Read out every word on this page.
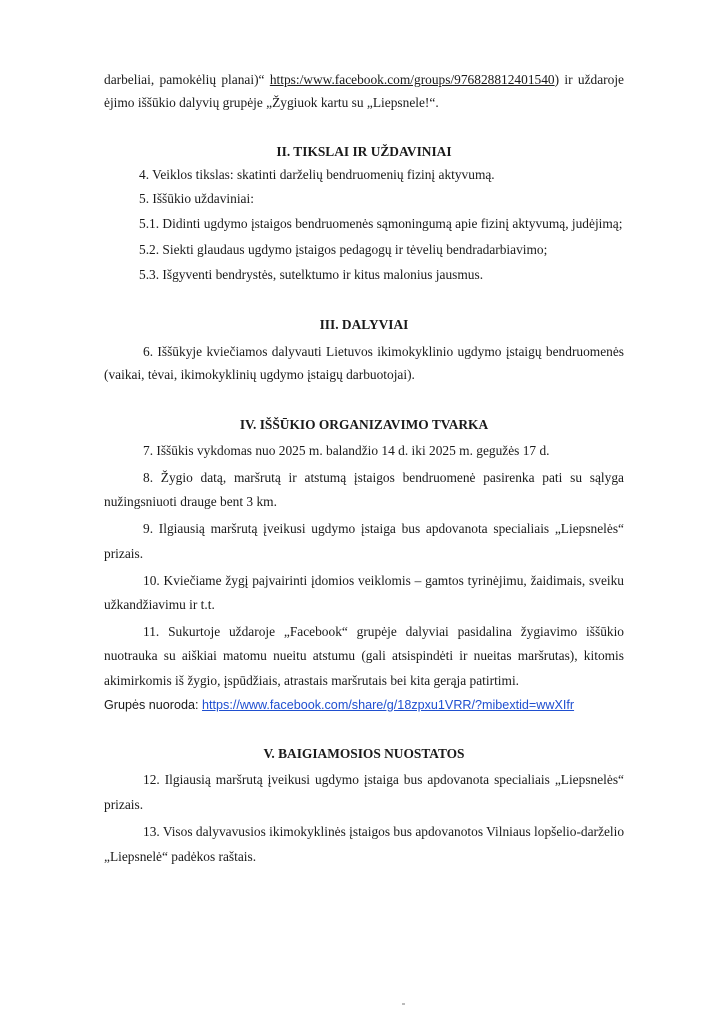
darbeliai, pamokėlių planai)“ https:/www.facebook.com/groups/976828812401540) ir uždaroje
ėjimo iššūkio dalyvių grupėje „Žygiuok kartu su „Liepsnele!“.
II. TIKSLAI IR UŽDAVINIAI
4. Veiklos tikslas: skatinti darželių bendruomenių fizinį aktyvumą.
5. Iššūkio uždaviniai:
5.1. Didinti ugdymo įstaigos bendruomenės sąmoningumą apie fizinį aktyvumą, judėjimą;
5.2. Siekti glaudaus ugdymo įstaigos pedagogų ir tėvelių bendradarbiavimo;
5.3. Išgyventi bendrystės, sutelktumo ir kitus malonius jausmus.
III. DALYVIAI
6. Iššūkyje kviečiamos dalyvauti Lietuvos ikimokyklinio ugdymo įstaigų bendruomenės
(vaikai, tėvai, ikimokyklinių ugdymo įstaigų darbuotojai).
IV. IŠŠŪKIO ORGANIZAVIMO TVARKA
7. Iššūkis vykdomas nuo 2025 m. balandžio 14 d. iki 2025 m. gegužės 17 d.
8. Žygio datą, maršrutą ir atstumą įstaigos bendruomenė pasirenka pati su sąlyga
nužingsniuoti drauge bent 3 km.
9. Ilgiausią maršrutą įveikusi ugdymo įstaiga bus apdovanota specialiais „Liepsnelės“
prizais.
10. Kviečiame žygį pajvairinti įdomios veiklomis – gamtos tyrinėjimu, žaidimais, sveiku
užkandžiavimu ir t.t.
11. Sukurtoje uždaroje „Facebook“ grupėje dalyviai pasidalina žygiavimo iššūkio
nuotrauka su aiškiai matomu nueitu atstumu (gali atsispindėti ir nueitas maršrutas), kitomis
akimirkomis iš žygio, įspūdžiais, atrastais maršrutais bei kita gerąja patirtimi.
Grupės nuoroda: https://www.facebook.com/share/g/18zpxu1VRR/?mibextid=wwXIfr
V. BAIGIAMOSIOS NUOSTATOS
12. Ilgiausią maršrutą įveikusi ugdymo įstaiga bus apdovanota specialiais „Liepsnelės“
prizais.
13. Visos dalyvavusios ikimokyklinės įstaigos bus apdovanotos Vilniaus lopšelio-darželio
„Liepsnelė“ padėkos raštais.
